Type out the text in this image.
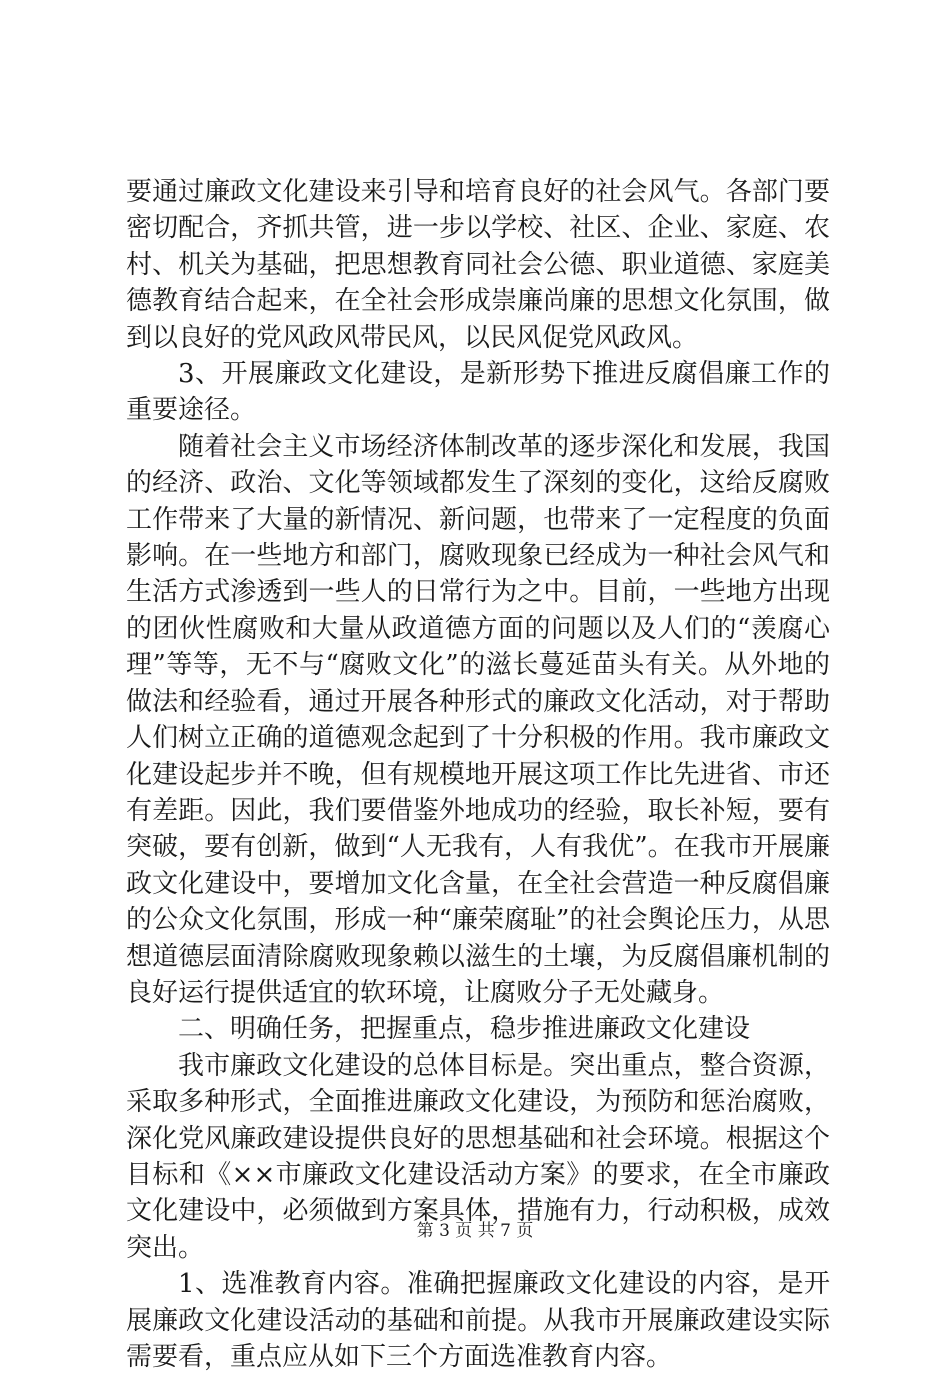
要通过廉政文化建设来引导和培育良好的社会风气。各部门要密切配合，齐抓共管，进一步以学校、社区、企业、家庭、农村、机关为基础，把思想教育同社会公德、职业道德、家庭美德教育结合起来，在全社会形成崇廉尚廉的思想文化氛围，做到以良好的党风政风带民风，以民风促党风政风。

3、开展廉政文化建设，是新形势下推进反腐倡廉工作的重要途径。

随着社会主义市场经济体制改革的逐步深化和发展，我国的经济、政治、文化等领域都发生了深刻的变化，这给反腐败工作带来了大量的新情况、新问题，也带来了一定程度的负面影响。在一些地方和部门，腐败现象已经成为一种社会风气和生活方式渗透到一些人的日常行为之中。目前，一些地方出现的团伙性腐败和大量从政道德方面的问题以及人们的“羡腐心理”等等，无不与“腐败文化”的滋长蔓延苗头有关。从外地的做法和经验看，通过开展各种形式的廉政文化活动，对于帮助人们树立正确的道德观念起到了十分积极的作用。我市廉政文化建设起步并不晚，但有规模地开展这项工作比先进省、市还有差距。因此，我们要借鉴外地成功的经验，取长补短，要有突破，要有创新，做到“人无我有，人有我优”。在我市开展廉政文化建设中，要增加文化含量，在全社会营造一种反腐倡廉的公众文化氛围，形成一种“廉荣腐耻”的社会舆论压力，从思想道德层面清除腐败现象赖以滋生的土壤，为反腐倡廉机制的良好运行提供适宜的软环境，让腐败分子无处藏身。

二、明确任务，把握重点，稳步推进廉政文化建设

我市廉政文化建设的总体目标是。突出重点，整合资源，采取多种形式，全面推进廉政文化建设，为预防和惩治腐败，深化党风廉政建设提供良好的思想基础和社会环境。根据这个目标和《××市廉政文化建设活动方案》的要求，在全市廉政文化建设中，必须做到方案具体，措施有力，行动积极，成效突出。

1、选准教育内容。准确把握廉政文化建设的内容，是开展廉政文化建设活动的基础和前提。从我市开展廉政建设实际需要看，重点应从如下三个方面选准教育内容。

第 3 页 共 7 页
